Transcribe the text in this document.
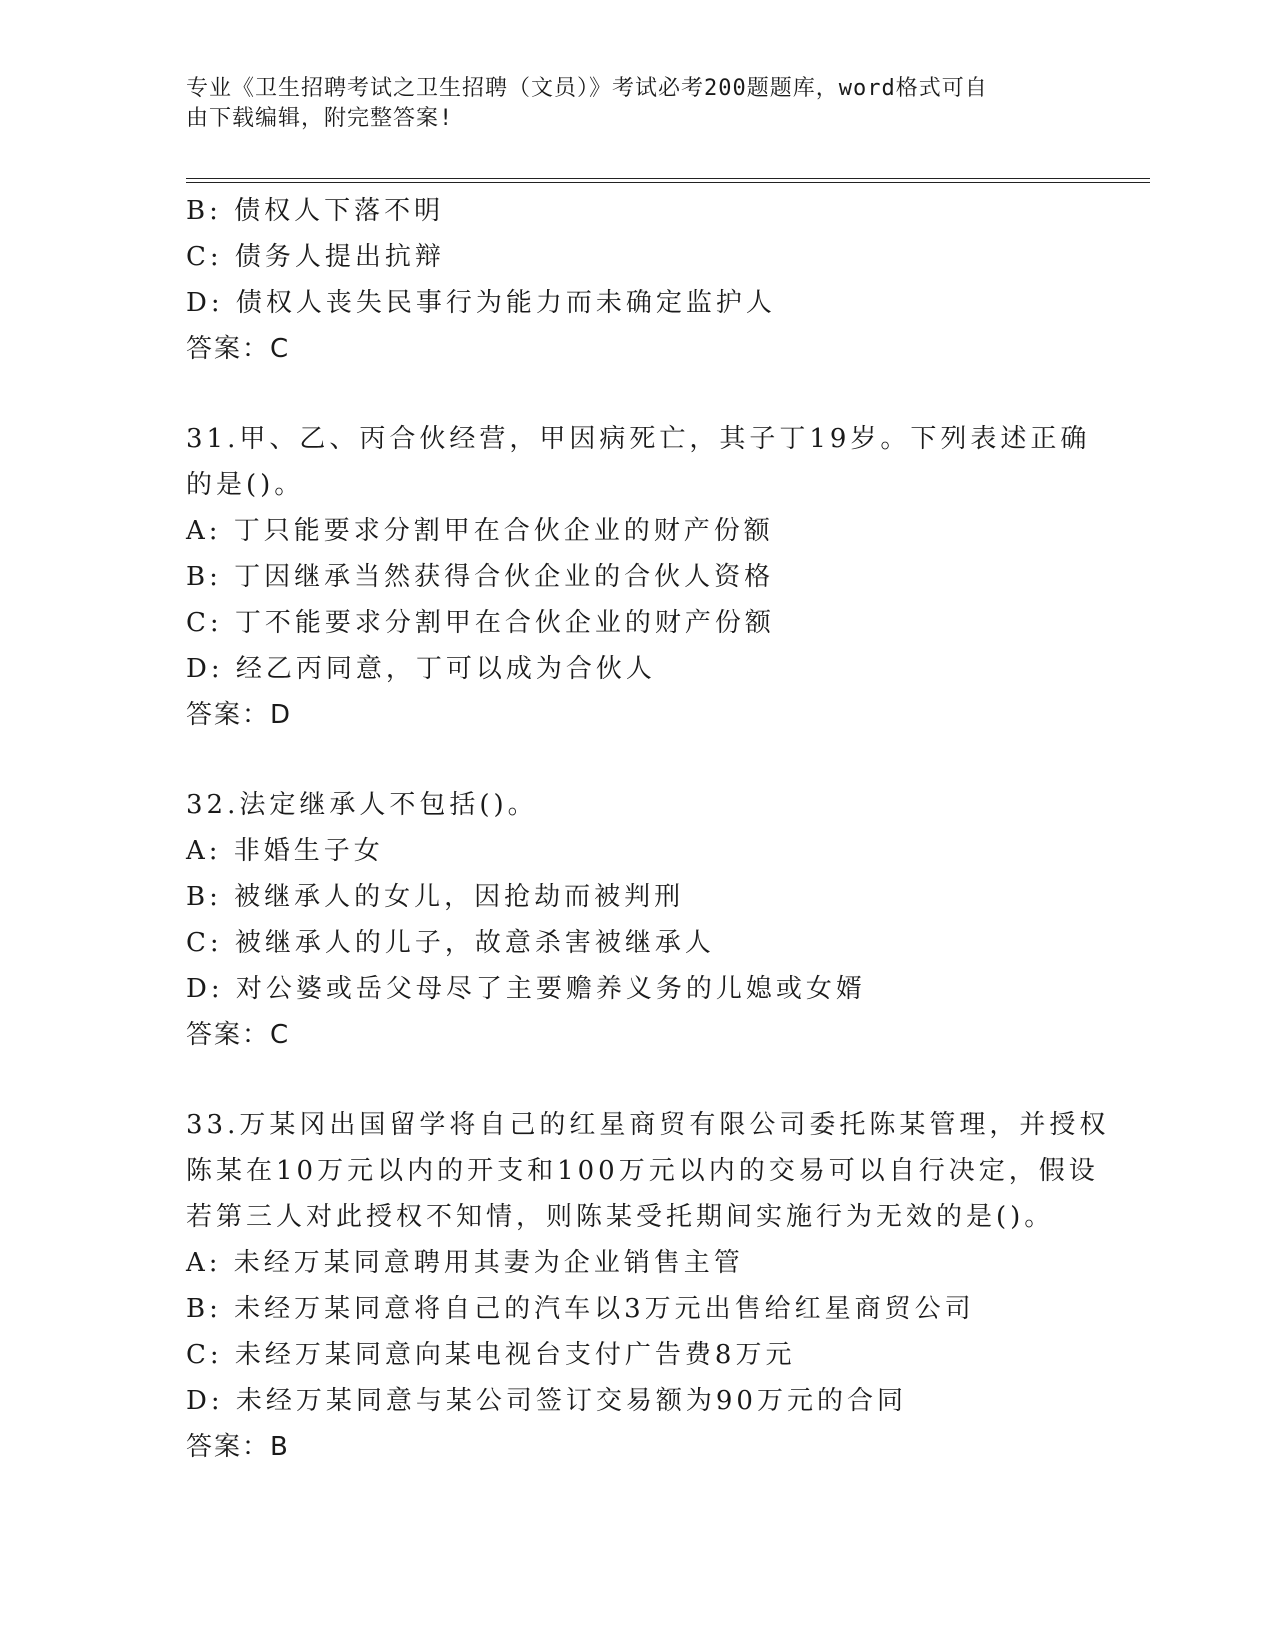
专业《卫生招聘考试之卫生招聘（文员）》考试必考200题题库，word格式可自
由下载编辑，附完整答案!
B: 债权人下落不明
C: 债务人提出抗辩
D: 债权人丧失民事行为能力而未确定监护人
答案：C
31.甲、乙、丙合伙经营，甲因病死亡，其子丁19岁。下列表述正确
的是()。
A: 丁只能要求分割甲在合伙企业的财产份额
B: 丁因继承当然获得合伙企业的合伙人资格
C: 丁不能要求分割甲在合伙企业的财产份额
D: 经乙丙同意，丁可以成为合伙人
答案：D
32.法定继承人不包括()。
A: 非婚生子女
B: 被继承人的女儿，因抢劫而被判刑
C: 被继承人的儿子，故意杀害被继承人
D: 对公婆或岳父母尽了主要赡养义务的儿媳或女婿
答案：C
33.万某冈出国留学将自己的红星商贸有限公司委托陈某管理，并授权
陈某在10万元以内的开支和100万元以内的交易可以自行决定，假设
若第三人对此授权不知情，则陈某受托期间实施行为无效的是()。
A: 未经万某同意聘用其妻为企业销售主管
B: 未经万某同意将自己的汽车以3万元出售给红星商贸公司
C: 未经万某同意向某电视台支付广告费8万元
D: 未经万某同意与某公司签订交易额为90万元的合同
答案：B
